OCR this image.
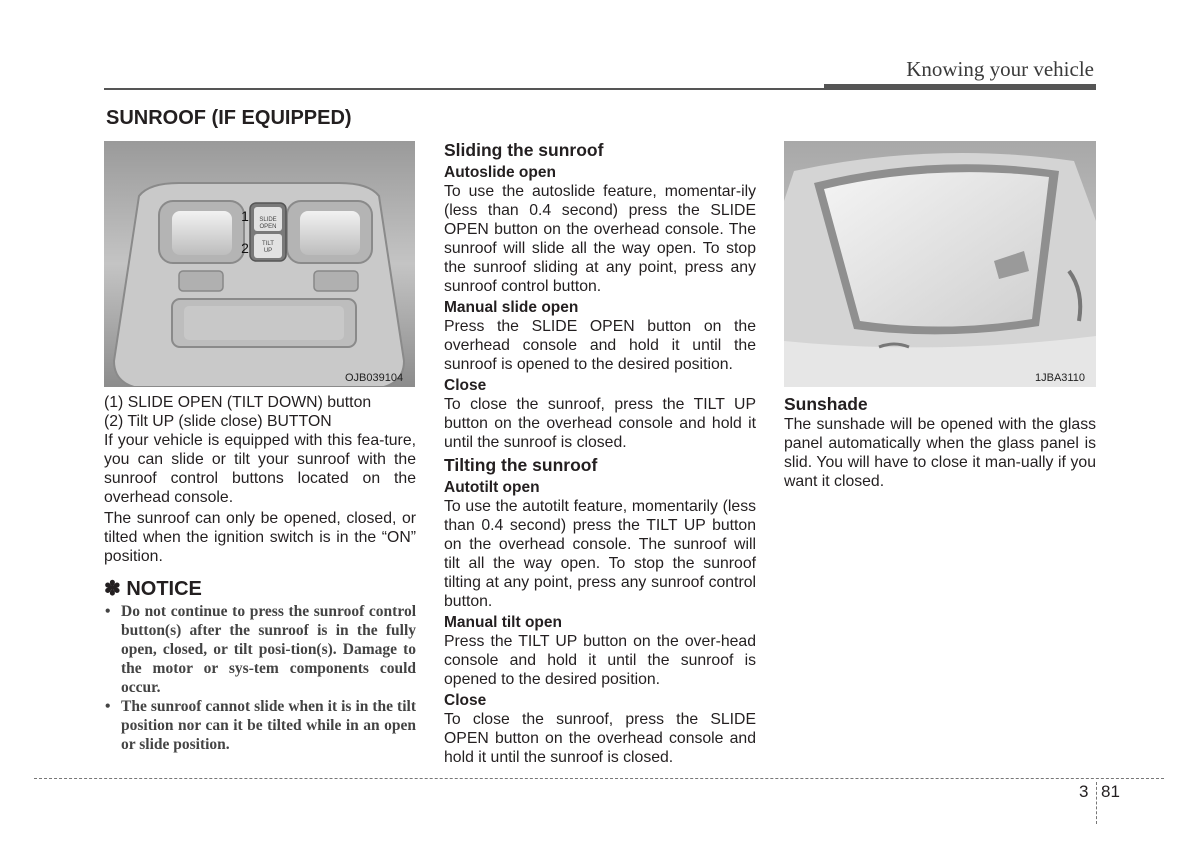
Knowing your vehicle
SUNROOF (IF EQUIPPED)
SLIDE
OPEN
TILT
UP
1
2
OJB039104	1JBA3110

(1) SLIDE OPEN (TILT DOWN) button

(2) Tilt UP (slide close) BUTTON

If your vehicle is equipped with this fea-ture, you can slide or tilt your sunroof with the sunroof control buttons located on the overhead console.

The sunroof can only be opened, closed, or tilted when the ignition switch is in the “ON” position.

✽ NOTICE

• Do not continue to press the sunroof control button(s) after the sunroof is in the fully open, closed, or tilt posi-tion(s). Damage to the motor or sys-tem components could occur.
• The sunroof cannot slide when it is in the tilt position nor can it be tilted while in an open or slide position.

Sliding the sunroof

Autoslide open

To use the autoslide feature, momentar-ily (less than 0.4 second) press the SLIDE OPEN button on the overhead console. The sunroof will slide all the way open. To stop the sunroof sliding at any point, press any sunroof control button.

Manual slide open

Press the SLIDE OPEN button on the overhead console and hold it until the sunroof is opened to the desired position.

Close

To close the sunroof, press the TILT UP button on the overhead console and hold it until the sunroof is closed.

Tilting the sunroof

Autotilt open

To use the autotilt feature, momentarily (less than 0.4 second) press the TILT UP button on the overhead console. The sunroof will tilt all the way open. To stop the sunroof tilting at any point, press any sunroof control button.

Manual tilt open

Press the TILT UP button on the over-head console and hold it until the sunroof is opened to the desired position.

Close

To close the sunroof, press the SLIDE OPEN button on the overhead console and hold it until the sunroof is closed.

Sunshade

The sunshade will be opened with the glass panel automatically when the glass panel is slid. You will have to close it man-ually if you want it closed.

3 81
